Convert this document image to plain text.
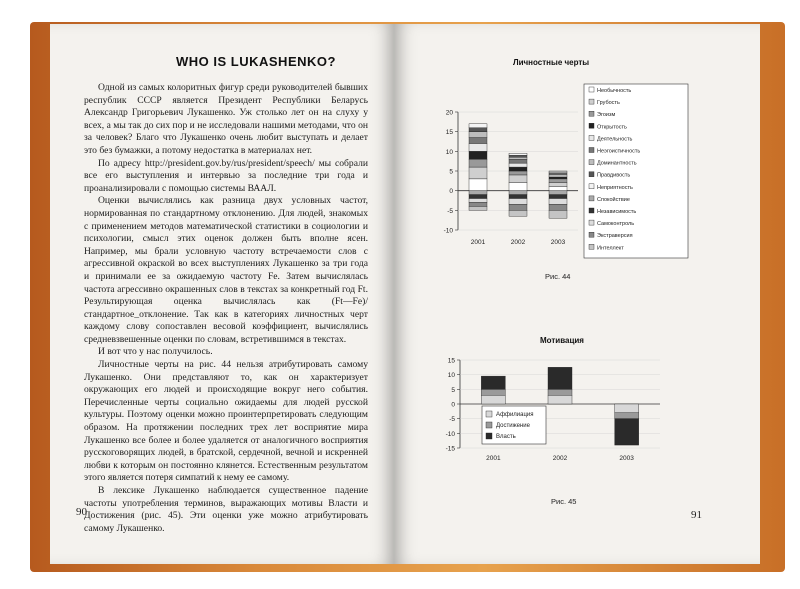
WHO IS LUKASHENKO?

Одной из самых колоритных фигур среди руководителей бывших республик СССР является Президент Республики Беларусь Александр Григорьевич Лукашенко. Уж столько лет он на слуху у всех, а мы так до сих пор и не исследовали нашими методами, что он за человек? Благо что Лукашенко очень любит выступать и делает это без бумажки, а потому недостатка в материалах нет.

По адресу http://president.gov.by/rus/president/speech/ мы собрали все его выступления и интервью за последние три года и проанализировали с помощью системы ВААЛ.

Оценки вычислялись как разница двух условных частот, нормированная по стандартному отклонению. Для людей, знакомых с применением методов математической статистики в социологии и психологии, смысл этих оценок должен быть вполне ясен. Например, мы брали условную частоту встречаемости слов с агрессивной окраской во всех выступлениях Лукашенко за три года и принимали ее за ожидаемую частоту Fe. Затем вычислялась частота агрессивно окрашенных слов в текстах за конкретный год Ft. Результирующая оценка вычислялась как (Ft—Fe)/стандартное_отклонение. Так как в категориях личностных черт каждому слову сопоставлен весовой коэффициент, вычислялись средневзвешенные оценки по словам, встретившимся в текстах.

И вот что у нас получилось.

Личностные черты на рис. 44 нельзя атрибутировать самому Лукашенко. Они представляют то, как он характеризует окружающих его людей и происходящие вокруг него события. Перечисленные черты социально ожидаемы для людей русской культуры. Поэтому оценки можно проинтерпретировать следующим образом. На протяжении последних трех лет восприятие мира Лукашенко все более и более удаляется от аналогичного восприятия русскоговорящих людей, в братской, сердечной, вечной и искренней любви к которым он постоянно клянется. Естественным результатом этого является потеря симпатий к нему ее самому.

В лексике Лукашенко наблюдается существенное падение частоты употребления терминов, выражающих мотивы Власти и Достижения (рис. 45). Эти оценки уже можно атрибутировать самому Лукашенко.

90	91
Личностные черты
20
15
10
5
0
-5
-10
2001	2002	2003
Необычность
Грубость
Эгоизм
Открытость
Деятельность
Неэгоистичность
Доминантность
Правдивость
Неприятность
Спокойствие
Независимость
Самоконтроль
Экстраверсия
Интеллект
Рис. 44
Мотивация
15
10
5
0
-5
-10
-15
2001	2002	2003
Аффилиация
Достижение
Власть
Рис. 45
